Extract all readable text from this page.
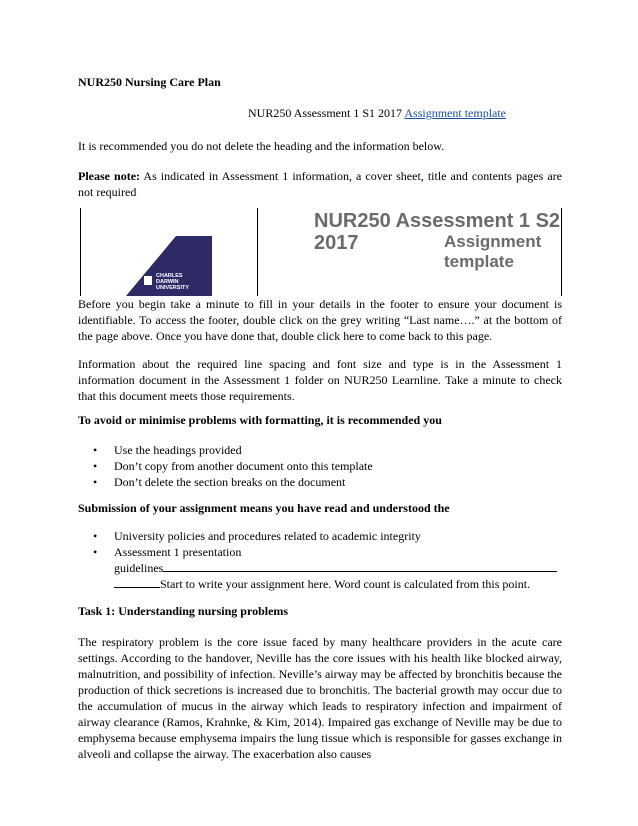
NUR250 Nursing Care Plan

NUR250 Assessment 1 S1 2017 Assignment template

It is recommended you do not delete the heading and the information below.

Please note: As indicated in Assessment 1 information, a cover sheet, title and contents pages are not required

CHARLES
DARWIN
UNIVERSITY
NUR250 Assessment 1 S2 2017	Assignment template

Before you begin take a minute to fill in your details in the footer to ensure your document is identifiable. To access the footer, double click on the grey writing “Last name….” at the bottom of the page above. Once you have done that, double click here to come back to this page.

Information about the required line spacing and font size and type is in the Assessment 1 information document in the Assessment 1 folder on NUR250 Learnline. Take a minute to check that this document meets those requirements.

To avoid or minimise problems with formatting, it is recommended you

• Use the headings provided
• Don’t copy from another document onto this template
• Don’t delete the section breaks on the document

Submission of your assignment means you have read and understood the

• University policies and procedures related to academic integrity
• Assessment 1 presentation
guidelines
Start to write your assignment here. Word count is calculated from this point.

Task 1: Understanding nursing problems

The respiratory problem is the core issue faced by many healthcare providers in the acute care settings. According to the handover, Neville has the core issues with his health like blocked airway, malnutrition, and possibility of infection. Neville’s airway may be affected by bronchitis because the production of thick secretions is increased due to bronchitis. The bacterial growth may occur due to the accumulation of mucus in the airway which leads to respiratory infection and impairment of airway clearance (Ramos, Krahnke, & Kim, 2014). Impaired gas exchange of Neville may be due to emphysema because emphysema impairs the lung tissue which is responsible for gasses exchange in alveoli and collapse the airway. The exacerbation also causes
